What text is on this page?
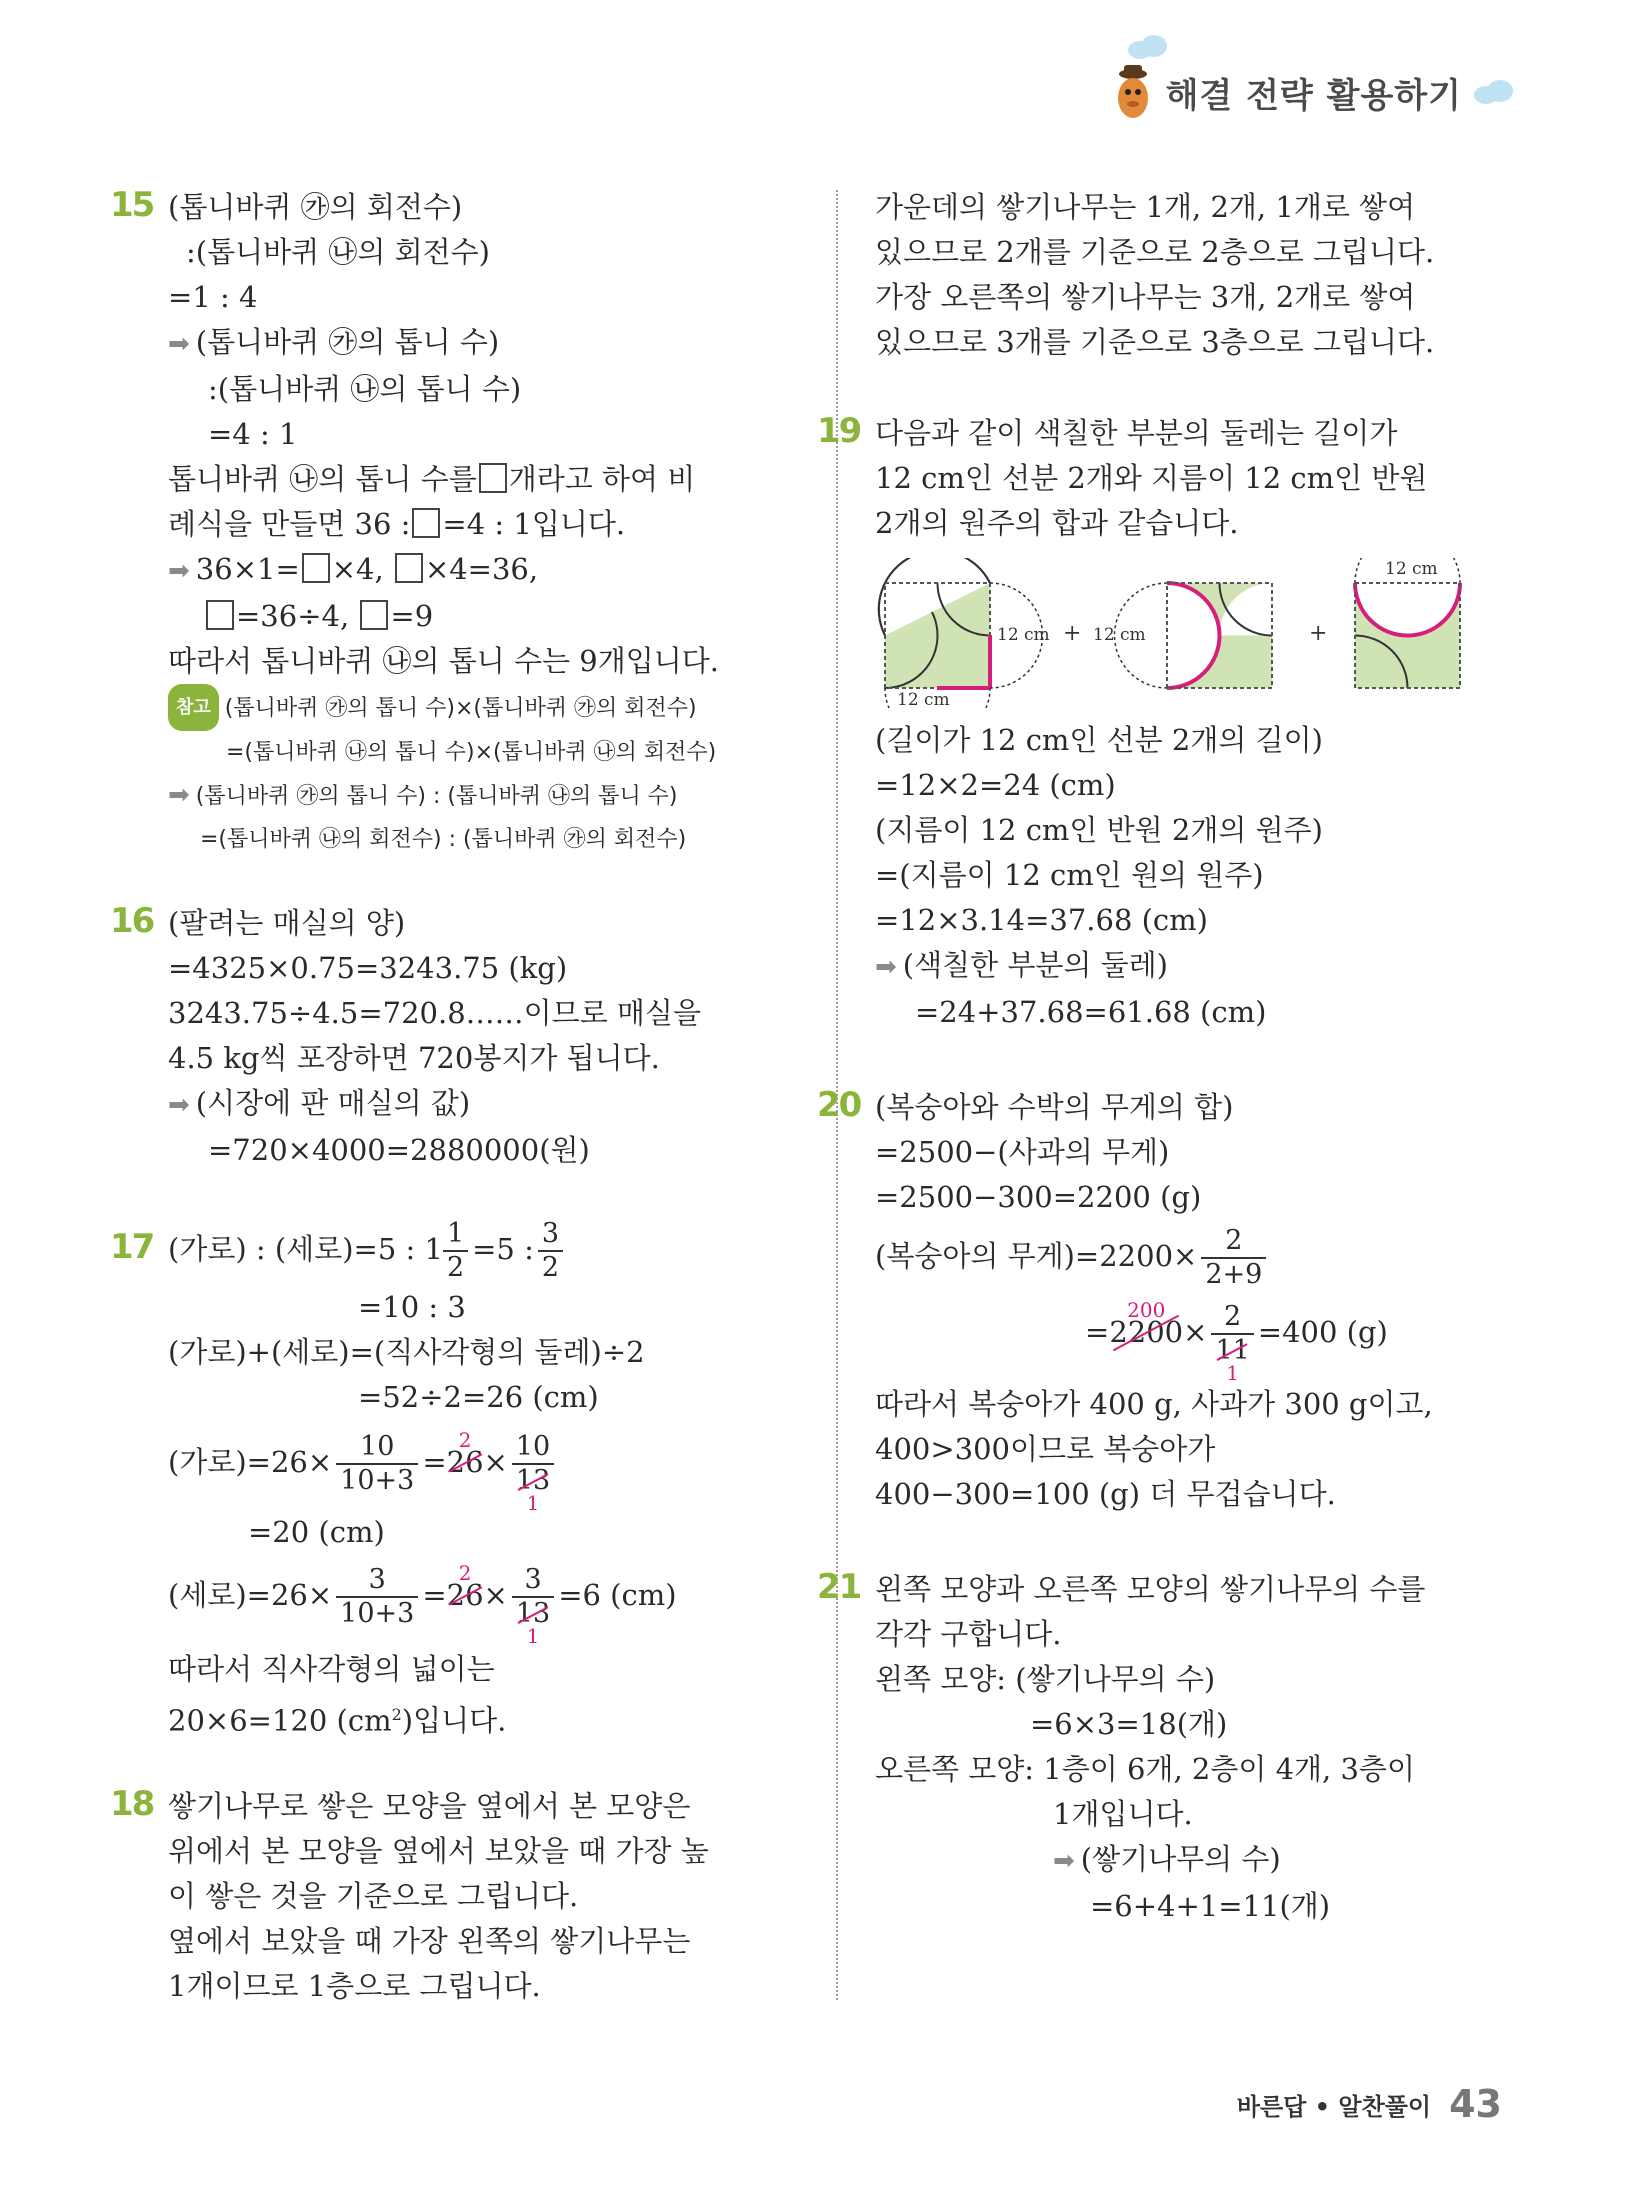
해결 전략 활용하기
15 (톱니바퀴 ㉮의 회전수)
:(톱니바퀴 ㉯의 회전수)
=1 : 4
➡ (톱니바퀴 ㉮의 톱니 수)
:(톱니바퀴 ㉯의 톱니 수)
=4 : 1
톱니바퀴 ㉯의 톱니 수를 개라고 하여 비
례식을 만들면 36 : =4 : 1입니다.
➡ 36×1= ×4, ×4=36,
=36÷4, =9
따라서 톱니바퀴 ㉯의 톱니 수는 9개입니다.
참고 (톱니바퀴 ㉮의 톱니 수)×(톱니바퀴 ㉮의 회전수)
=(톱니바퀴 ㉯의 톱니 수)×(톱니바퀴 ㉯의 회전수)
➡ (톱니바퀴 ㉮의 톱니 수) : (톱니바퀴 ㉯의 톱니 수)
=(톱니바퀴 ㉯의 회전수) : (톱니바퀴 ㉮의 회전수)
16 (팔려는 매실의 양)
=4325×0.75=3243.75 (kg)
3243.75÷4.5=720.8……이므로 매실을
4.5 kg씩 포장하면 720봉지가 됩니다.
➡ (시장에 판 매실의 값)
=720×4000=2880000(원)
17 (가로) : (세로)=5 : $1 \frac{1}{2} =5$ : $\frac{3}{2}$
=10 : 3
(가로)+(세로)=(직사각형의 둘레)÷2
=52÷2=26 (cm)
(가로)$=26\times \frac{10}{10+3} =26$
2
× 10
13
1
=20 (cm)
(세로)$=26\times \frac{3}{10+3} =26$
2
× 3
13
1 =6 (cm)
따라서 직사각형의 넓이는
20×6=120 $(cm^2)$입니다.
18 쌓기나무로 쌓은 모양을 옆에서 본 모양은
위에서 본 모양을 옆에서 보았을 때 가장 높
이 쌓은 것을 기준으로 그립니다.
옆에서 보았을 때 가장 왼쪽의 쌓기나무는
1개이므로 1층으로 그립니다.
가운데의 쌓기나무는 1개, 2개, 1개로 쌓여
있으므로 2개를 기준으로 2층으로 그립니다.
가장 오른쪽의 쌓기나무는 3개, 2개로 쌓여
있으므로 3개를 기준으로 3층으로 그립니다.
19 다음과 같이 색칠한 부분의 둘레는 길이가
12 cm인 선분 2개와 지름이 12 cm인 반원
2개의 원주의 합과 같습니다.
12 cm
12 cm
+ 12 cm	+
12 cm
(길이가 12 cm인 선분 2개의 길이)
=12×2=24 (cm)
(지름이 12 cm인 반원 2개의 원주)
=(지름이 12 cm인 원의 원주)
=12×3.14=37.68 (cm)
➡ (색칠한 부분의 둘레)
=24+37.68=61.68 (cm)
20 (복숭아와 수박의 무게의 합)
=2500−(사과의 무게)
=2500−300=2200 (g)
(복숭아의 무게)$=2200\times \frac{2}{2+9}$
=2200
200
× 2
11
1 =400 (g)
따라서 복숭아가 400 g, 사과가 300 g이고,
400>300이므로 복숭아가
400−300=100 (g) 더 무겁습니다.
21 왼쪽 모양과 오른쪽 모양의 쌓기나무의 수를
각각 구합니다.
왼쪽 모양: (쌓기나무의 수)
=6×3=18(개)
오른쪽 모양: 1층이 6개, 2층이 4개, 3층이
1개입니다.
➡ (쌓기나무의 수)
=6+4+1=11(개)
바른답 • 알찬풀이 43
